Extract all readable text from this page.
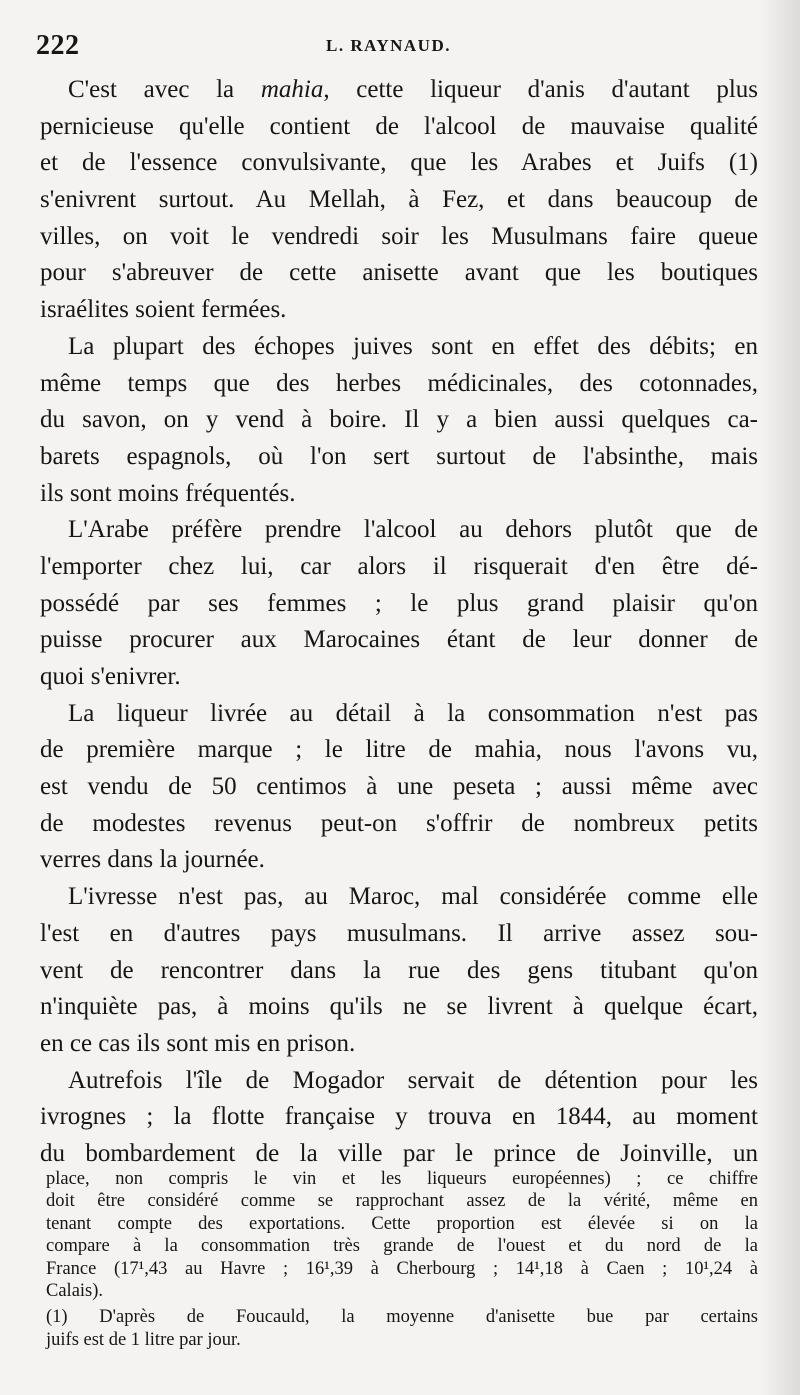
222	L. RAYNAUD.
C'est avec la mahia, cette liqueur d'anis d'autant plus
pernicieuse qu'elle contient de l'alcool de mauvaise qualité
et de l'essence convulsivante, que les Arabes et Juifs (1)
s'enivrent surtout. Au Mellah, à Fez, et dans beaucoup de
villes, on voit le vendredi soir les Musulmans faire queue
pour s'abreuver de cette anisette avant que les boutiques
israélites soient fermées.
La plupart des échopes juives sont en effet des débits; en
même temps que des herbes médicinales, des cotonnades,
du savon, on y vend à boire. Il y a bien aussi quelques ca-
barets espagnols, où l'on sert surtout de l'absinthe, mais
ils sont moins fréquentés.
L'Arabe préfère prendre l'alcool au dehors plutôt que de
l'emporter chez lui, car alors il risquerait d'en être dé-
possédé par ses femmes ; le plus grand plaisir qu'on
puisse procurer aux Marocaines étant de leur donner de
quoi s'enivrer.
La liqueur livrée au détail à la consommation n'est pas
de première marque ; le litre de mahia, nous l'avons vu,
est vendu de 50 centimos à une peseta ; aussi même avec
de modestes revenus peut-on s'offrir de nombreux petits
verres dans la journée.
L'ivresse n'est pas, au Maroc, mal considérée comme elle
l'est en d'autres pays musulmans. Il arrive assez sou-
vent de rencontrer dans la rue des gens titubant qu'on
n'inquiète pas, à moins qu'ils ne se livrent à quelque écart,
en ce cas ils sont mis en prison.
Autrefois l'île de Mogador servait de détention pour les
ivrognes ; la flotte française y trouva en 1844, au moment
du bombardement de la ville par le prince de Joinville, un
place, non compris le vin et les liqueurs européennes) ; ce chiffre
doit être considéré comme se rapprochant assez de la vérité, même en
tenant compte des exportations. Cette proportion est élevée si on la
compare à la consommation très grande de l'ouest et du nord de la
France (17¹,43 au Havre ; 16¹,39 à Cherbourg ; 14¹,18 à Caen ; 10¹,24 à
Calais).
(1) D'après de Foucauld, la moyenne d'anisette bue par certains
juifs est de 1 litre par jour.
